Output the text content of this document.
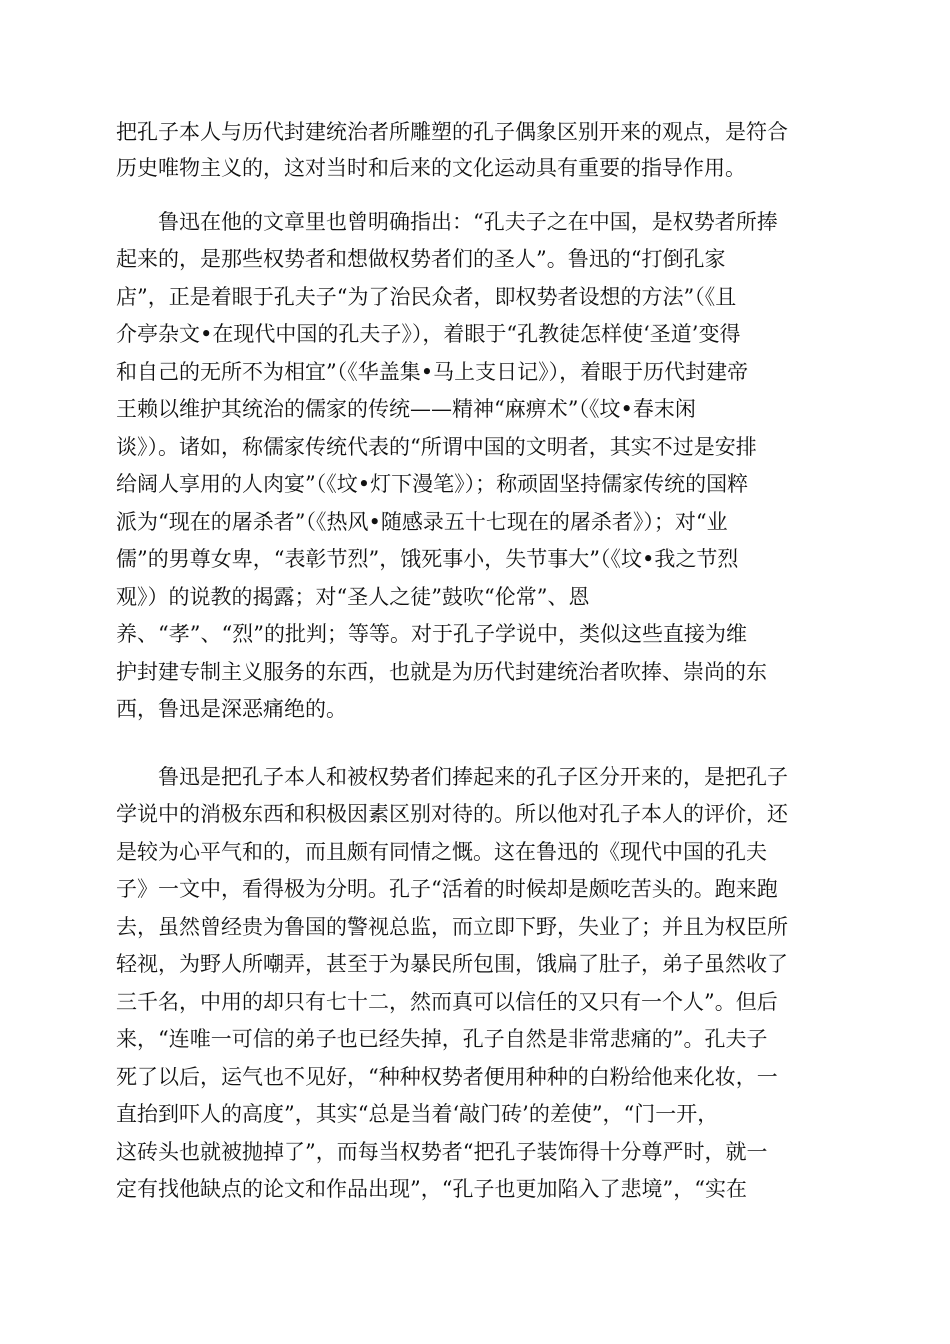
把孔子本人与历代封建统治者所雕塑的孔子偶象区别开来的观点，是符合
历史唯物主义的，这对当时和后来的文化运动具有重要的指导作用。
　　鲁迅在他的文章里也曾明确指出：“孔夫子之在中国，是权势者所捧
起来的，是那些权势者和想做权势者们的圣人”。鲁迅的“打倒孔家
店”，正是着眼于孔夫子“为了治民众者，即权势者设想的方法”（《且
介亭杂文•在现代中国的孔夫子》），着眼于“孔教徒怎样使‘圣道’变得
和自己的无所不为相宜”（《华盖集•马上支日记》），着眼于历代封建帝
王赖以维护其统治的儒家的传统——精神“麻痹术”（《坟•春末闲
谈》）。诸如，称儒家传统代表的“所谓中国的文明者，其实不过是安排
给阔人享用的人肉宴”（《坟•灯下漫笔》）；称顽固坚持儒家传统的国粹
派为“现在的屠杀者”（《热风•随感录五十七现在的屠杀者》）；对“业
儒”的男尊女卑，“表彰节烈”，饿死事小，失节事大”（《坟•我之节烈
观》）的说教的揭露；对“圣人之徒”鼓吹“伦常”、恩
养、“孝”、“烈”的批判；等等。对于孔子学说中，类似这些直接为维
护封建专制主义服务的东西，也就是为历代封建统治者吹捧、崇尚的东
西，鲁迅是深恶痛绝的。
　　鲁迅是把孔子本人和被权势者们捧起来的孔子区分开来的，是把孔子
学说中的消极东西和积极因素区别对待的。所以他对孔子本人的评价，还
是较为心平气和的，而且颇有同情之慨。这在鲁迅的《现代中国的孔夫
子》一文中，看得极为分明。孔子“活着的时候却是颇吃苦头的。跑来跑
去，虽然曾经贵为鲁国的警视总监，而立即下野，失业了；并且为权臣所
轻视，为野人所嘲弄，甚至于为暴民所包围，饿扁了肚子，弟子虽然收了
三千名，中用的却只有七十二，然而真可以信任的又只有一个人”。但后
来，“连唯一可信的弟子也已经失掉，孔子自然是非常悲痛的”。孔夫子
死了以后，运气也不见好，“种种权势者便用种种的白粉给他来化妆，一
直抬到吓人的高度”，其实“总是当着‘敲门砖’的差使”，“门一开，
这砖头也就被抛掉了”，而每当权势者“把孔子装饰得十分尊严时，就一
定有找他缺点的论文和作品出现”，“孔子也更加陷入了悲境”，“实在
